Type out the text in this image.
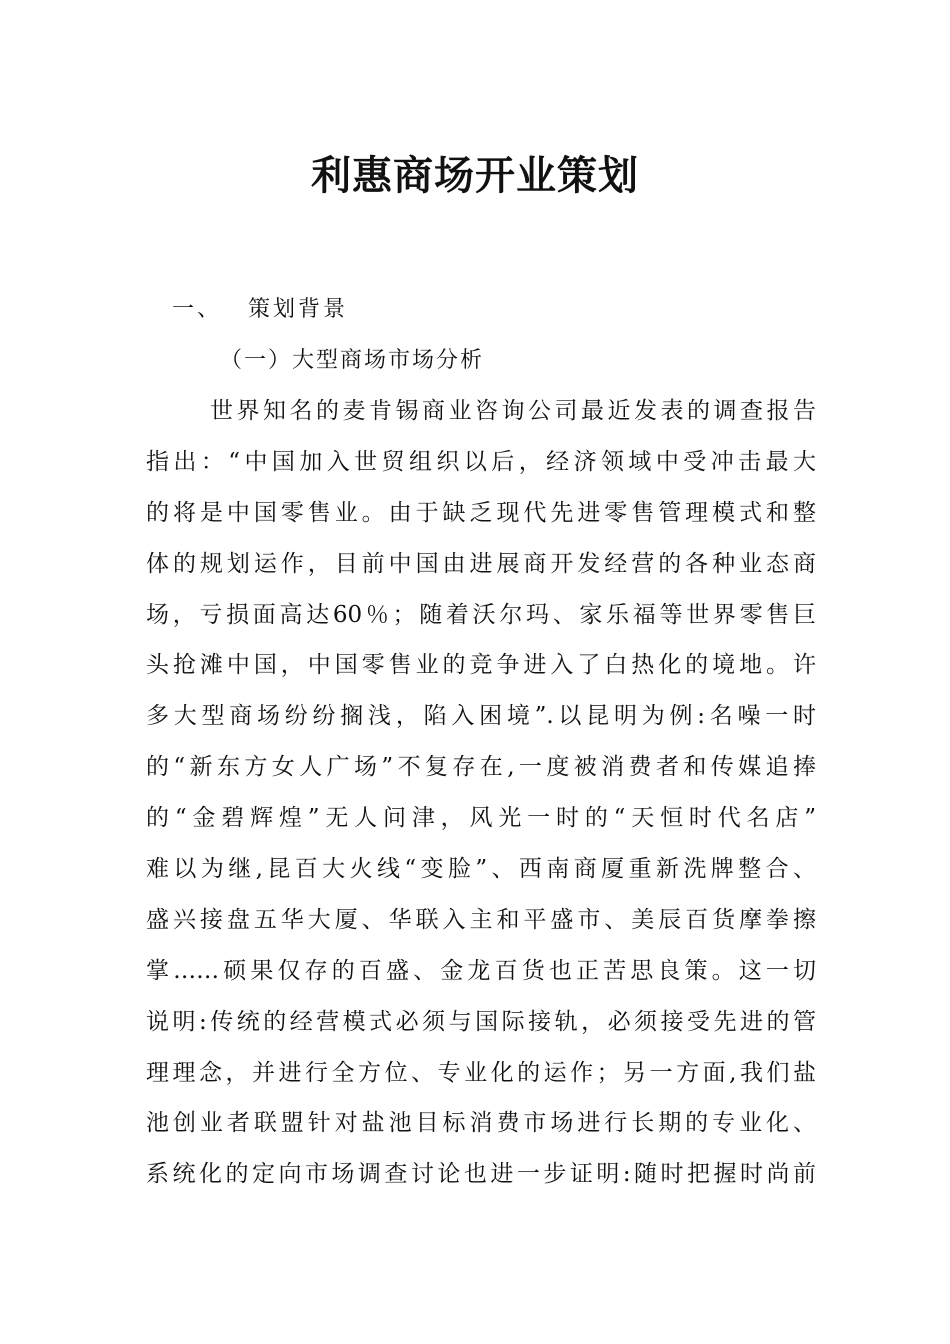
利惠商场开业策划
一、 策划背景
（一）大型商场市场分析
世界知名的麦肯锡商业咨询公司最近发表的调查报告
指出：“中国加入世贸组织以后，经济领域中受冲击最大
的将是中国零售业。由于缺乏现代先进零售管理模式和整
体的规划运作，目前中国由进展商开发经营的各种业态商
场，亏损面高达60％；随着沃尔玛、家乐福等世界零售巨
头抢滩中国，中国零售业的竞争进入了白热化的境地。许
多大型商场纷纷搁浅，陷入困境”.以昆明为例:名噪一时
的“新东方女人广场”不复存在,一度被消费者和传媒追捧
的“金碧辉煌”无人问津，风光一时的“天恒时代名店”
难以为继,昆百大火线“变脸”、西南商厦重新洗牌整合、
盛兴接盘五华大厦、华联入主和平盛市、美辰百货摩拳擦
掌……硕果仅存的百盛、金龙百货也正苦思良策。这一切
说明:传统的经营模式必须与国际接轨，必须接受先进的管
理理念，并进行全方位、专业化的运作；另一方面,我们盐
池创业者联盟针对盐池目标消费市场进行长期的专业化、
系统化的定向市场调查讨论也进一步证明:随时把握时尚前
